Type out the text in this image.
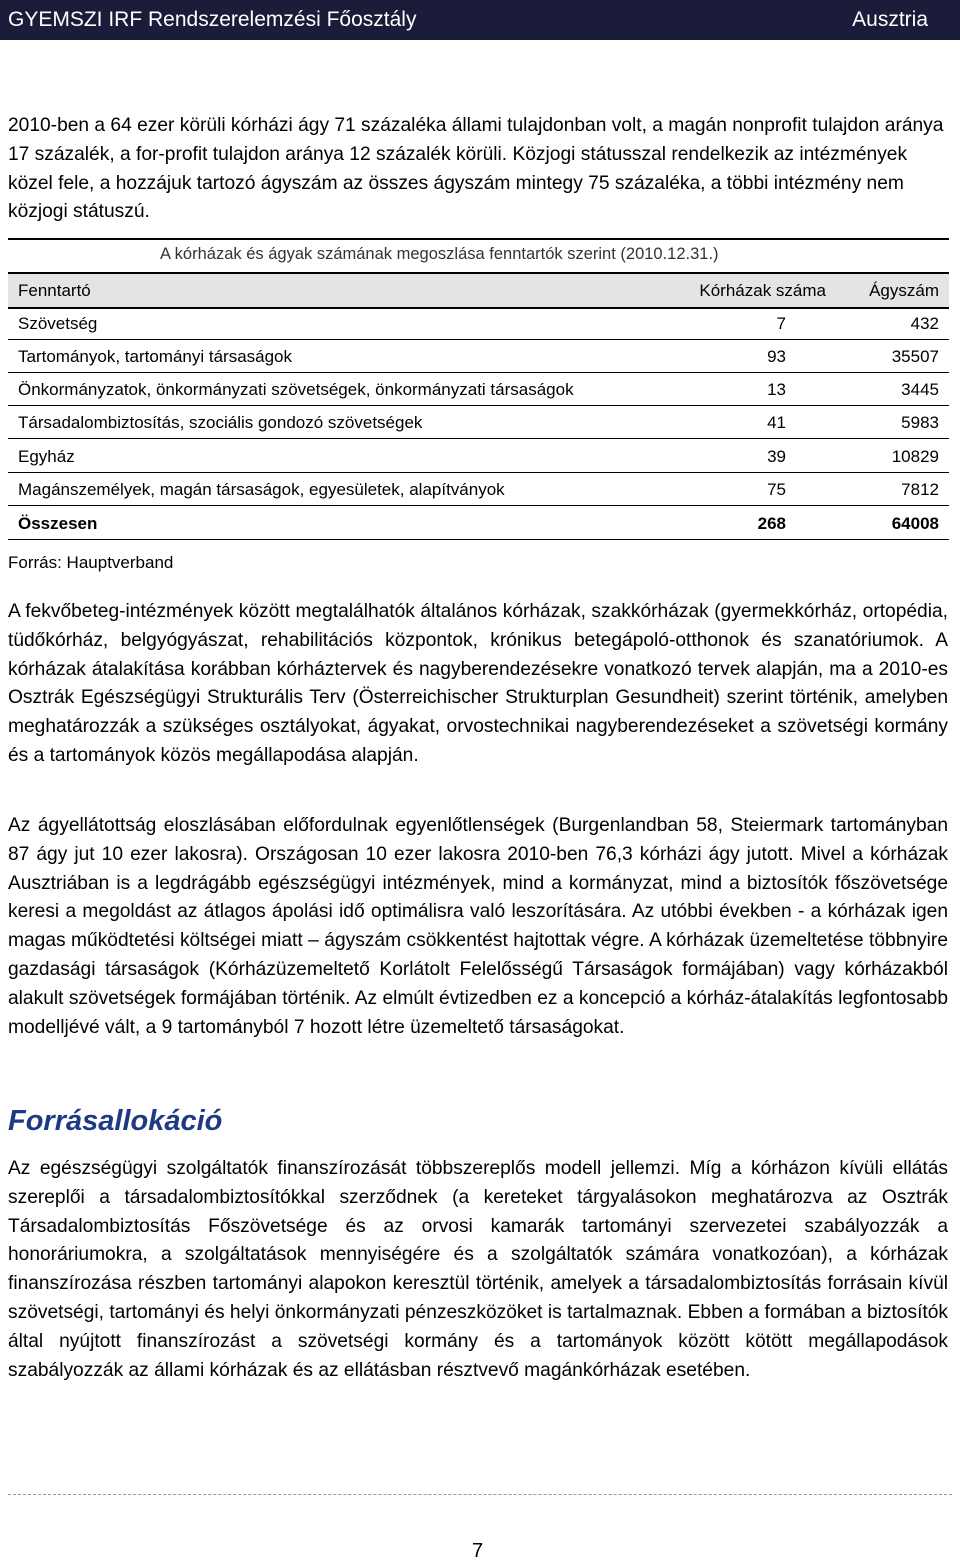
GYEMSZI IRF Rendszerelemzési Főosztály	Ausztria

2010-ben a 64 ezer körüli kórházi ágy 71 százaléka állami tulajdonban volt, a magán nonprofit tulajdon aránya 17 százalék, a for-profit tulajdon aránya 12 százalék körüli. Közjogi státusszal rendelkezik az intézmények közel fele, a hozzájuk tartozó ágyszám az összes ágyszám mintegy 75 százaléka, a többi intézmény nem közjogi státuszú.

A kórházak és ágyak számának megoszlása fenntartók szerint (2010.12.31.)
Fenntartó	Kórházak száma	Ágyszám
Szövetség	7	432
Tartományok, tartományi társaságok	93	35507
Önkormányzatok, önkormányzati szövetségek, önkormányzati társaságok	13	3445
Társadalombiztosítás, szociális gondozó szövetségek	41	5983
Egyház	39	10829
Magánszemélyek, magán társaságok, egyesületek, alapítványok	75	7812
Összesen	268	64008
Forrás: Hauptverband

A fekvőbeteg-intézmények között megtalálhatók általános kórházak, szakkórházak (gyermekkórház, ortopédia, tüdőkórház, belgyógyászat, rehabilitációs központok, krónikus betegápoló-otthonok és szanatóriumok. A kórházak átalakítása korábban kórháztervek és nagyberendezésekre vonatkozó tervek alapján, ma a 2010-es Osztrák Egészségügyi Strukturális Terv (Österreichischer Strukturplan Gesundheit) szerint történik, amelyben meghatározzák a szükséges osztályokat, ágyakat, orvostechnikai nagyberendezéseket a szövetségi kormány és a tartományok közös megállapodása alapján.

Az ágyellátottság eloszlásában előfordulnak egyenlőtlenségek (Burgenlandban 58, Steiermark tartományban 87 ágy jut 10 ezer lakosra). Országosan 10 ezer lakosra 2010-ben 76,3 kórházi ágy jutott. Mivel a kórházak Ausztriában is a legdrágább egészségügyi intézmények, mind a kormányzat, mind a biztosítók főszövetsége keresi a megoldást az átlagos ápolási idő optimálisra való leszorítására. Az utóbbi években - a kórházak igen magas működtetési költségei miatt – ágyszám csökkentést hajtottak végre. A kórházak üzemeltetése többnyire gazdasági társaságok (Kórházüzemeltető Korlátolt Felelősségű Társaságok formájában) vagy kórházakból alakult szövetségek formájában történik. Az elmúlt évtizedben ez a koncepció a kórház-átalakítás legfontosabb modelljévé vált, a 9 tartományból 7 hozott létre üzemeltető társaságokat.

Forrásallokáció

Az egészségügyi szolgáltatók finanszírozását többszereplős modell jellemzi. Míg a kórházon kívüli ellátás szereplői a társadalombiztosítókkal szerződnek (a kereteket tárgyalásokon meghatározva az Osztrák Társadalombiztosítás Főszövetsége és az orvosi kamarák tartományi szervezetei szabályozzák a honoráriumokra, a szolgáltatások mennyiségére és a szolgáltatók számára vonatkozóan), a kórházak finanszírozása részben tartományi alapokon keresztül történik, amelyek a társadalombiztosítás forrásain kívül szövetségi, tartományi és helyi önkormányzati pénzeszközöket is tartalmaznak. Ebben a formában a biztosítók által nyújtott finanszírozást a szövetségi kormány és a tartományok között kötött megállapodások szabályozzák az állami kórházak és az ellátásban résztvevő magánkórházak esetében.

7
